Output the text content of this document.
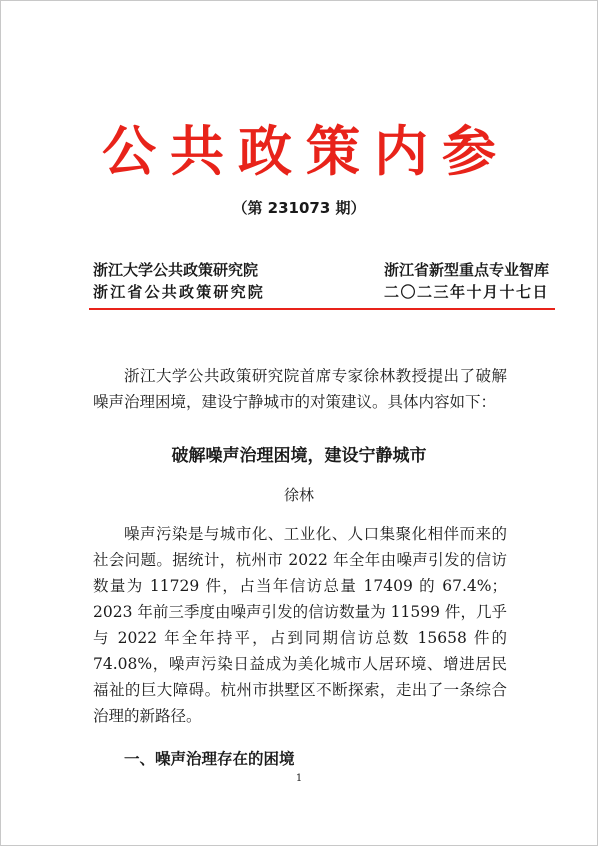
公共政策内参
（第 231073 期）
浙江大学公共政策研究院	浙江省新型重点专业智库
浙江省公共政策研究院	二〇二三年十月十七日
浙江大学公共政策研究院首席专家徐林教授提出了破解噪声治理困境，建设宁静城市的对策建议。具体内容如下：
破解噪声治理困境，建设宁静城市
徐林
噪声污染是与城市化、工业化、人口集聚化相伴而来的社会问题。据统计，杭州市 2022 年全年由噪声引发的信访数量为 11729 件，占当年信访总量 17409 的 67.4%；2023 年前三季度由噪声引发的信访数量为 11599 件，几乎与 2022 年全年持平，占到同期信访总数 15658 件的 74.08%，噪声污染日益成为美化城市人居环境、增进居民福祉的巨大障碍。杭州市拱墅区不断探索，走出了一条综合治理的新路径。
一、噪声治理存在的困境
1
